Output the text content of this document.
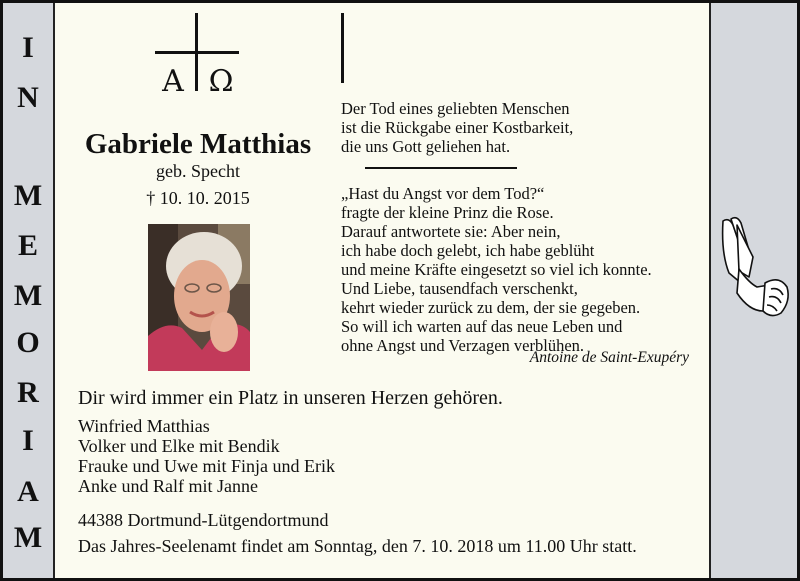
I
N
M
E
M
O
R
I
A
M
A Ω
Gabriele Matthias
geb. Specht
† 10. 10. 2015
Der Tod eines geliebten Menschen
ist die Rückgabe einer Kostbarkeit,
die uns Gott geliehen hat.
„Hast du Angst vor dem Tod?“
fragte der kleine Prinz die Rose.
Darauf antwortete sie: Aber nein,
ich habe doch gelebt, ich habe geblüht
und meine Kräfte eingesetzt so viel ich konnte.
Und Liebe, tausendfach verschenkt,
kehrt wieder zurück zu dem, der sie gegeben.
So will ich warten auf das neue Leben und
ohne Angst und Verzagen verblühen.
Antoine de Saint-Exupéry
Dir wird immer ein Platz in unseren Herzen gehören.
Winfried Matthias
Volker und Elke mit Bendik
Frauke und Uwe mit Finja und Erik
Anke und Ralf mit Janne
44388 Dortmund-Lütgendortmund
Das Jahres-Seelenamt findet am Sonntag, den 7. 10. 2018 um 11.00 Uhr statt.
